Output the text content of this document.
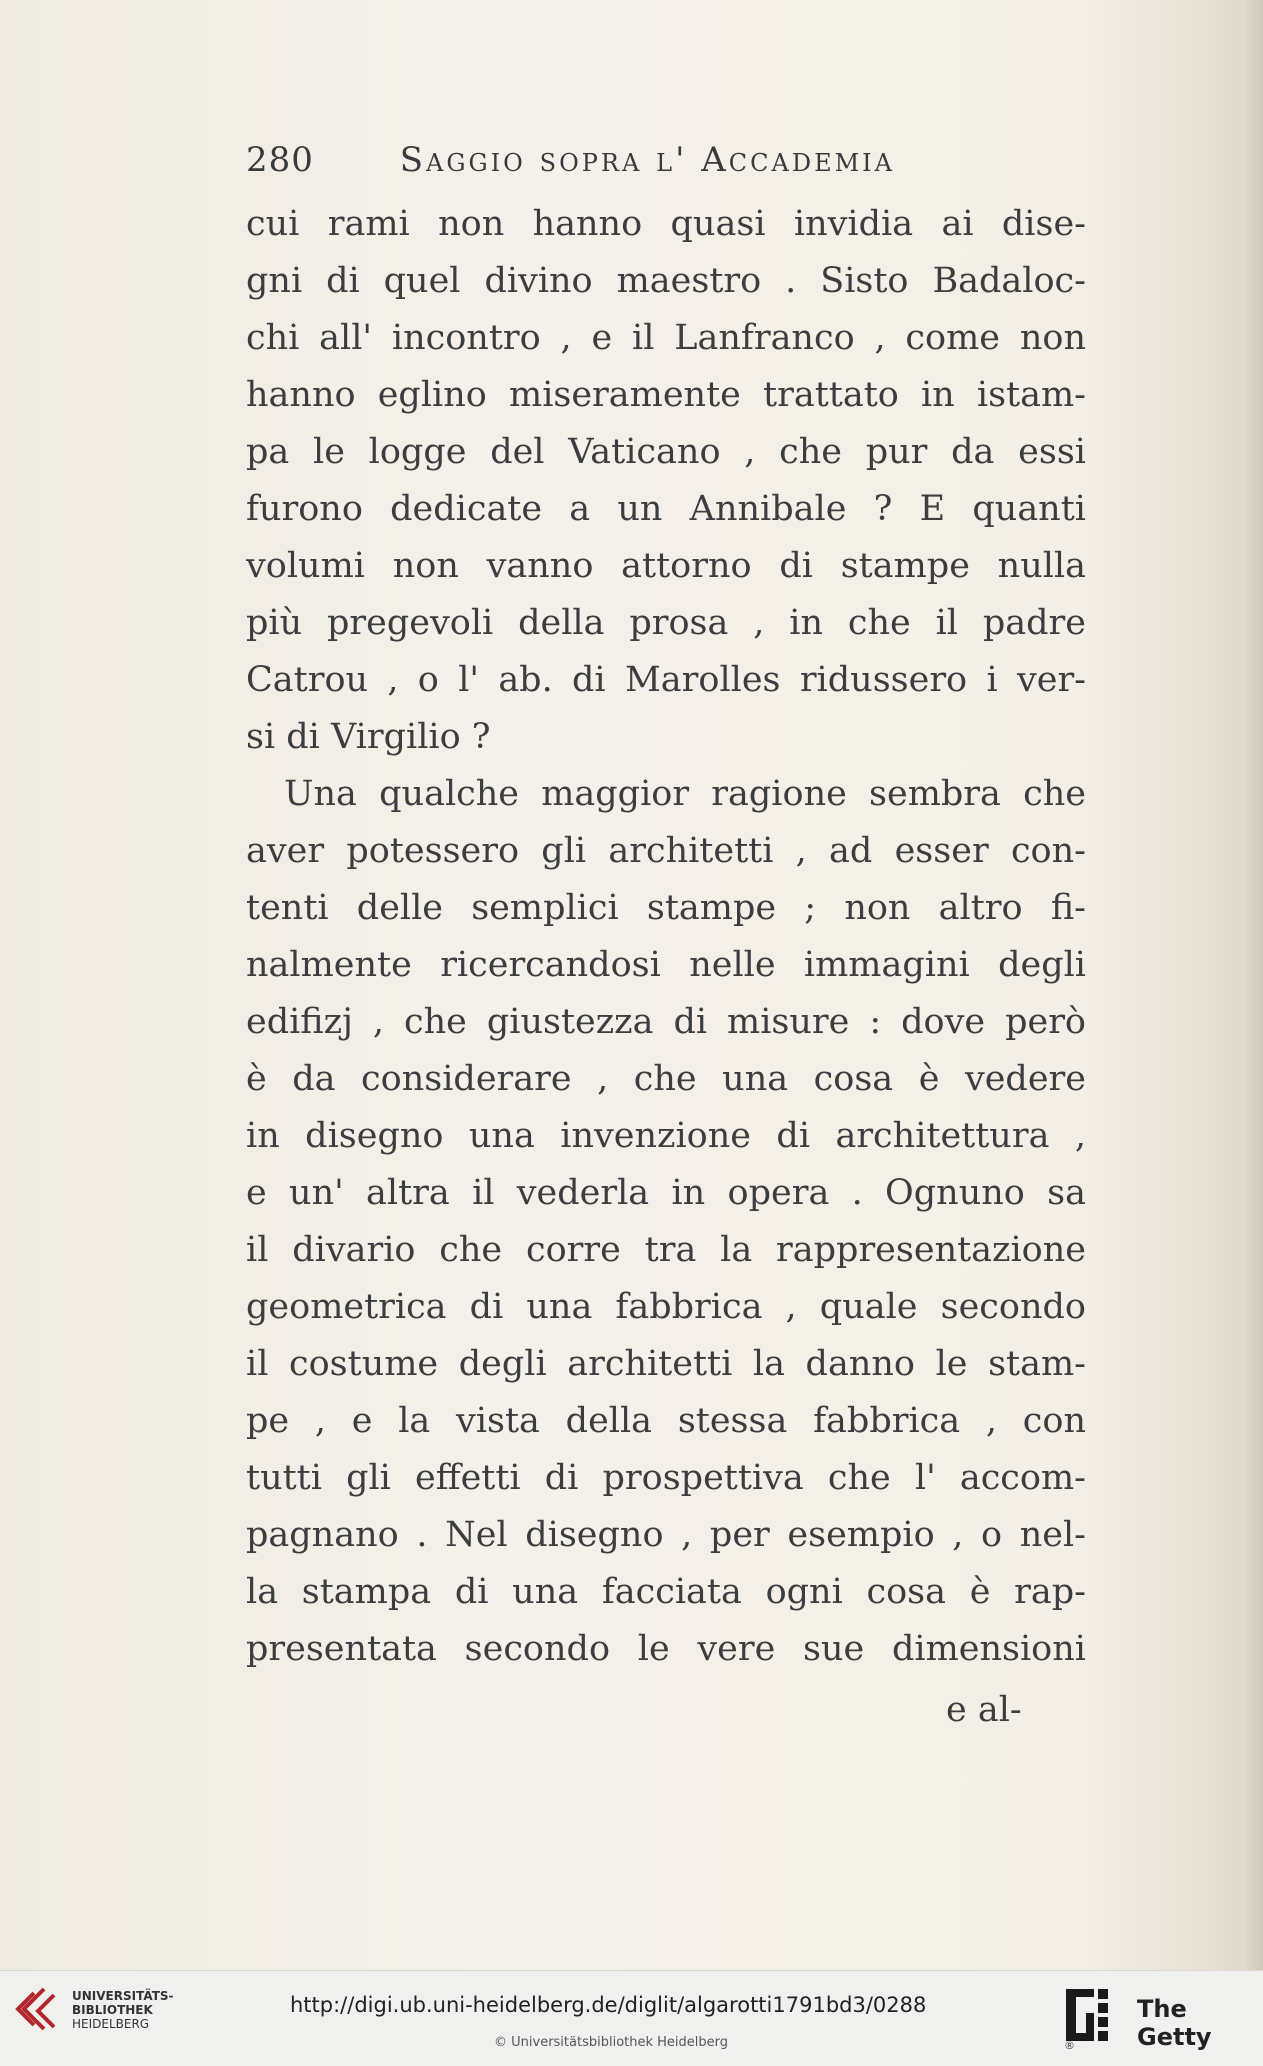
280	Saggio sopra l' Accademia
cui rami non hanno quasi invidia ai dise-
gni di quel divino maestro . Sisto Badaloc-
chi all' incontro , e il Lanfranco , come non
hanno eglino miseramente trattato in istam-
pa le logge del Vaticano , che pur da essi
furono dedicate a un Annibale ? E quanti
volumi non vanno attorno di stampe nulla
più pregevoli della prosa , in che il padre
Catrou , o l' ab. di Marolles ridussero i ver-
si di Virgilio ?
Una qualche maggior ragione sembra che
aver potessero gli architetti , ad esser con-
tenti delle semplici stampe ; non altro fi-
nalmente ricercandosi nelle immagini degli
edifizj , che giustezza di misure : dove però
è da considerare , che una cosa è vedere
in disegno una invenzione di architettura ,
e un' altra il vederla in opera . Ognuno sa
il divario che corre tra la rappresentazione
geometrica di una fabbrica , quale secondo
il costume degli architetti la danno le stam-
pe , e la vista della stessa fabbrica , con
tutti gli effetti di prospettiva che l' accom-
pagnano . Nel disegno , per esempio , o nel-
la stampa di una facciata ogni cosa è rap-
presentata secondo le vere sue dimensioni
e al-
UNIVERSITÄTS-
BIBLIOTHEK
HEIDELBERG
http://digi.ub.uni-heidelberg.de/diglit/algarotti1791bd3/0288
© Universitätsbibliothek Heidelberg	®
The Getty
